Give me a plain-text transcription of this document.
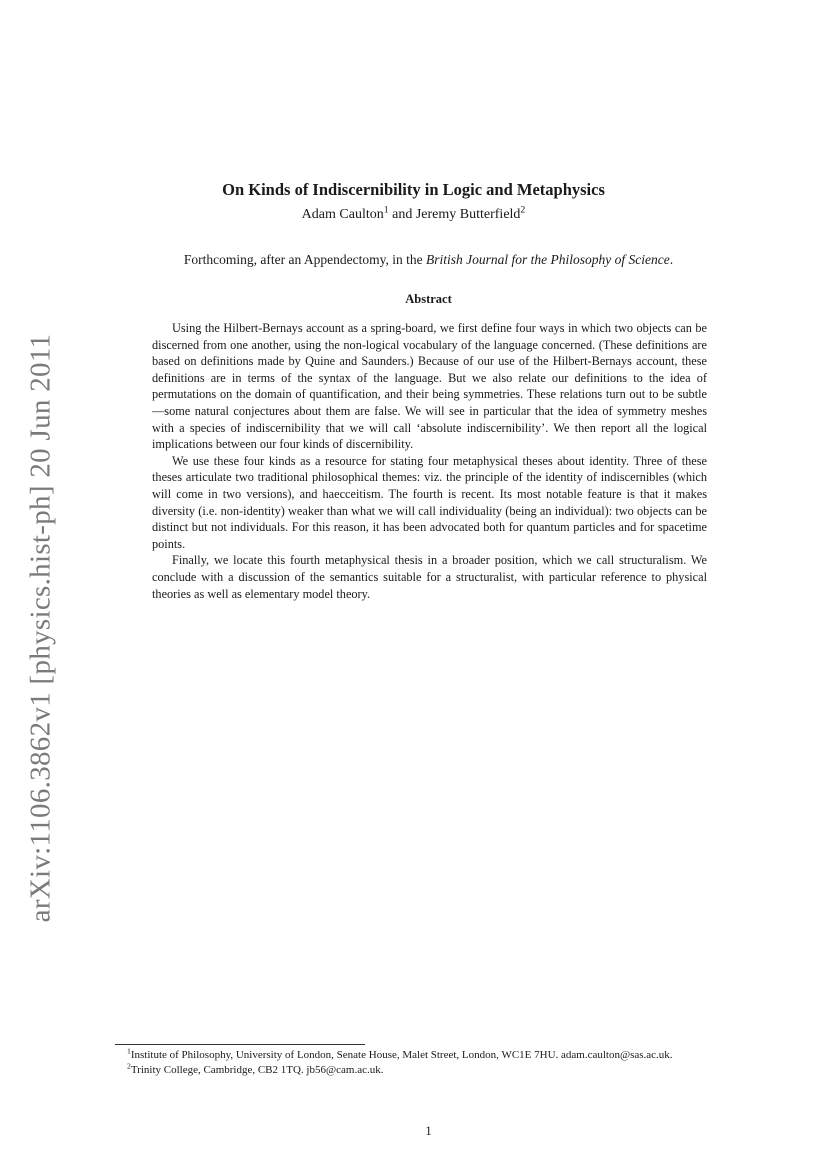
arXiv:1106.3862v1 [physics.hist-ph] 20 Jun 2011
On Kinds of Indiscernibility in Logic and Metaphysics
Adam Caulton$^1$ and Jeremy Butterfield$^2$
Forthcoming, after an Appendectomy, in the British Journal for the Philosophy of Science.
Abstract

Using the Hilbert-Bernays account as a spring-board, we first define four ways in which two objects can be discerned from one another, using the non-logical vocabulary of the language concerned. (These definitions are based on definitions made by Quine and Saunders.) Because of our use of the Hilbert-Bernays account, these definitions are in terms of the syntax of the language. But we also relate our definitions to the idea of permutations on the domain of quantification, and their being symmetries. These relations turn out to be subtle—some natural conjectures about them are false. We will see in particular that the idea of symmetry meshes with a species of indiscernibility that we will call ‘absolute indiscernibility’. We then report all the logical implications between our four kinds of discernibility.

We use these four kinds as a resource for stating four metaphysical theses about identity. Three of these theses articulate two traditional philosophical themes: viz. the principle of the identity of indiscernibles (which will come in two versions), and haecceitism. The fourth is recent. Its most notable feature is that it makes diversity (i.e. non-identity) weaker than what we will call individuality (being an individual): two objects can be distinct but not individuals. For this reason, it has been advocated both for quantum particles and for spacetime points.

Finally, we locate this fourth metaphysical thesis in a broader position, which we call structuralism. We conclude with a discussion of the semantics suitable for a structuralist, with particular reference to physical theories as well as elementary model theory.

$^1$Institute of Philosophy, University of London, Senate House, Malet Street, London, WC1E 7HU. adam.caulton@sas.ac.uk.

$^2$Trinity College, Cambridge, CB2 1TQ. jb56@cam.ac.uk.

1
